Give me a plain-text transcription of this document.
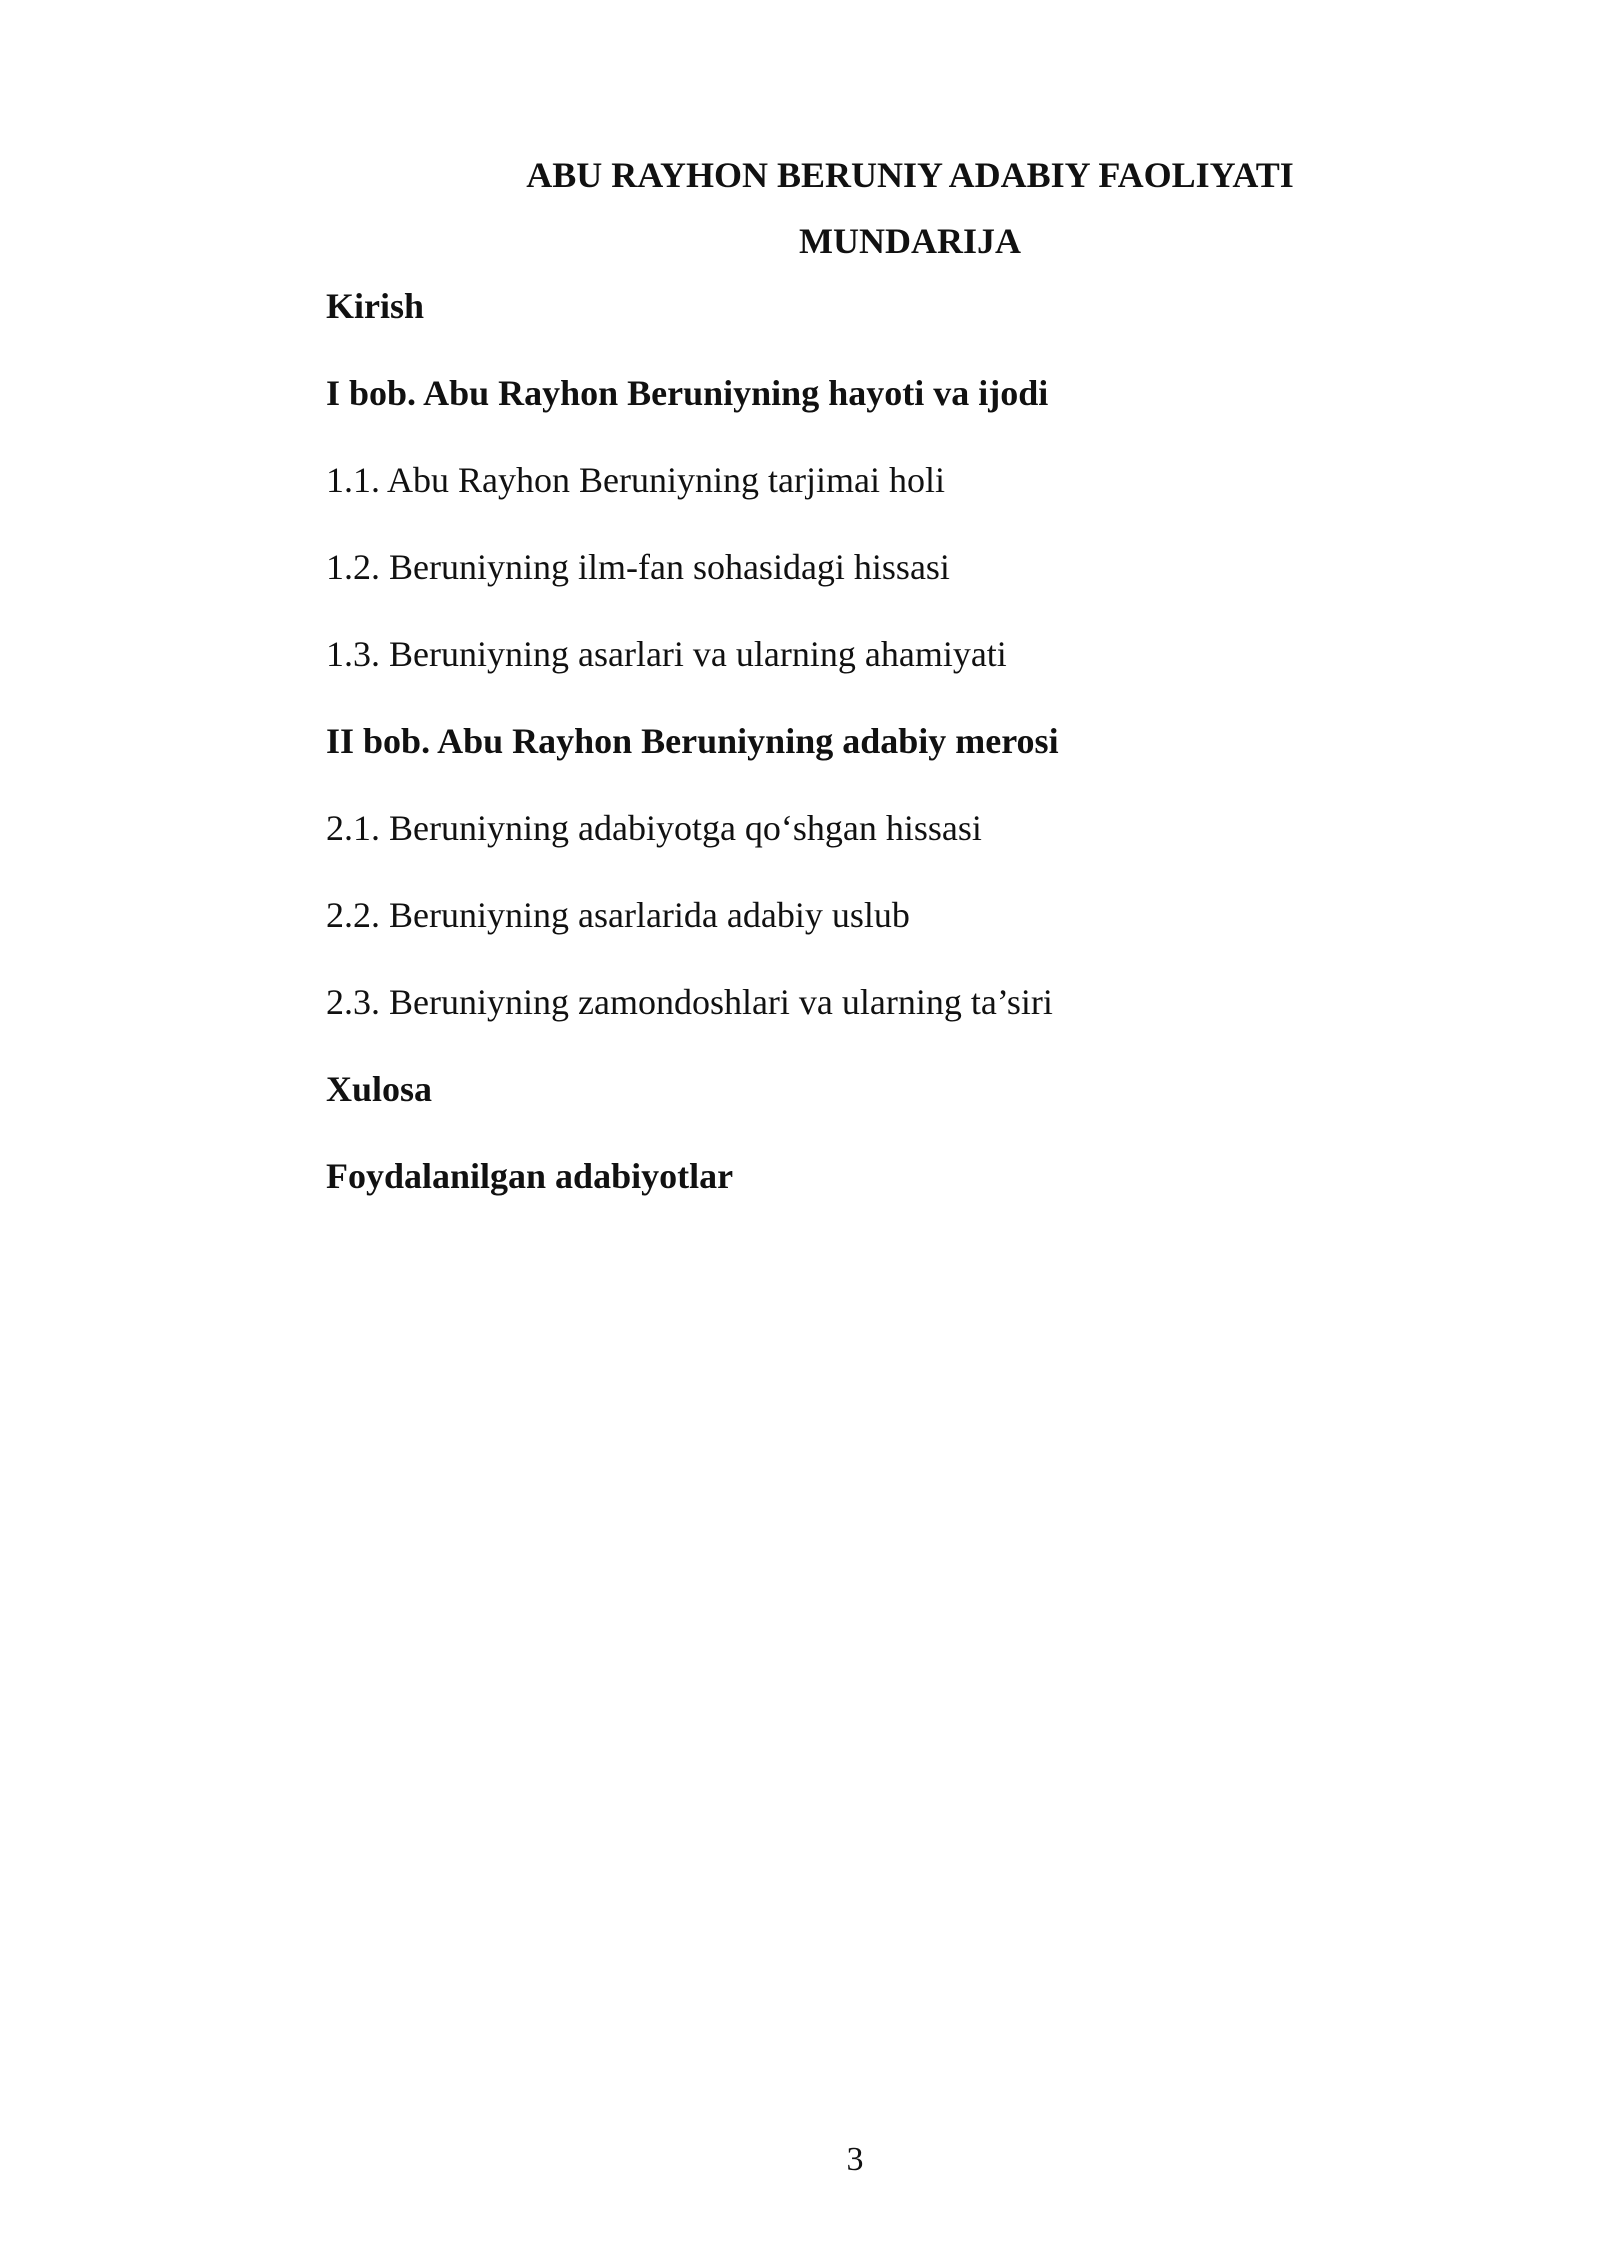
ABU RAYHON BERUNIY ADABIY FAOLIYATI
MUNDARIJA
Kirish
I bob. Abu Rayhon Beruniyning hayoti va ijodi
1.1. Abu Rayhon Beruniyning tarjimai holi
1.2. Beruniyning ilm-fan sohasidagi hissasi
1.3. Beruniyning asarlari va ularning ahamiyati
II bob. Abu Rayhon Beruniyning adabiy merosi
2.1. Beruniyning adabiyotga qo‘shgan hissasi
2.2. Beruniyning asarlarida adabiy uslub
2.3. Beruniyning zamondoshlari va ularning ta’siri
Xulosa
Foydalanilgan adabiyotlar
3
